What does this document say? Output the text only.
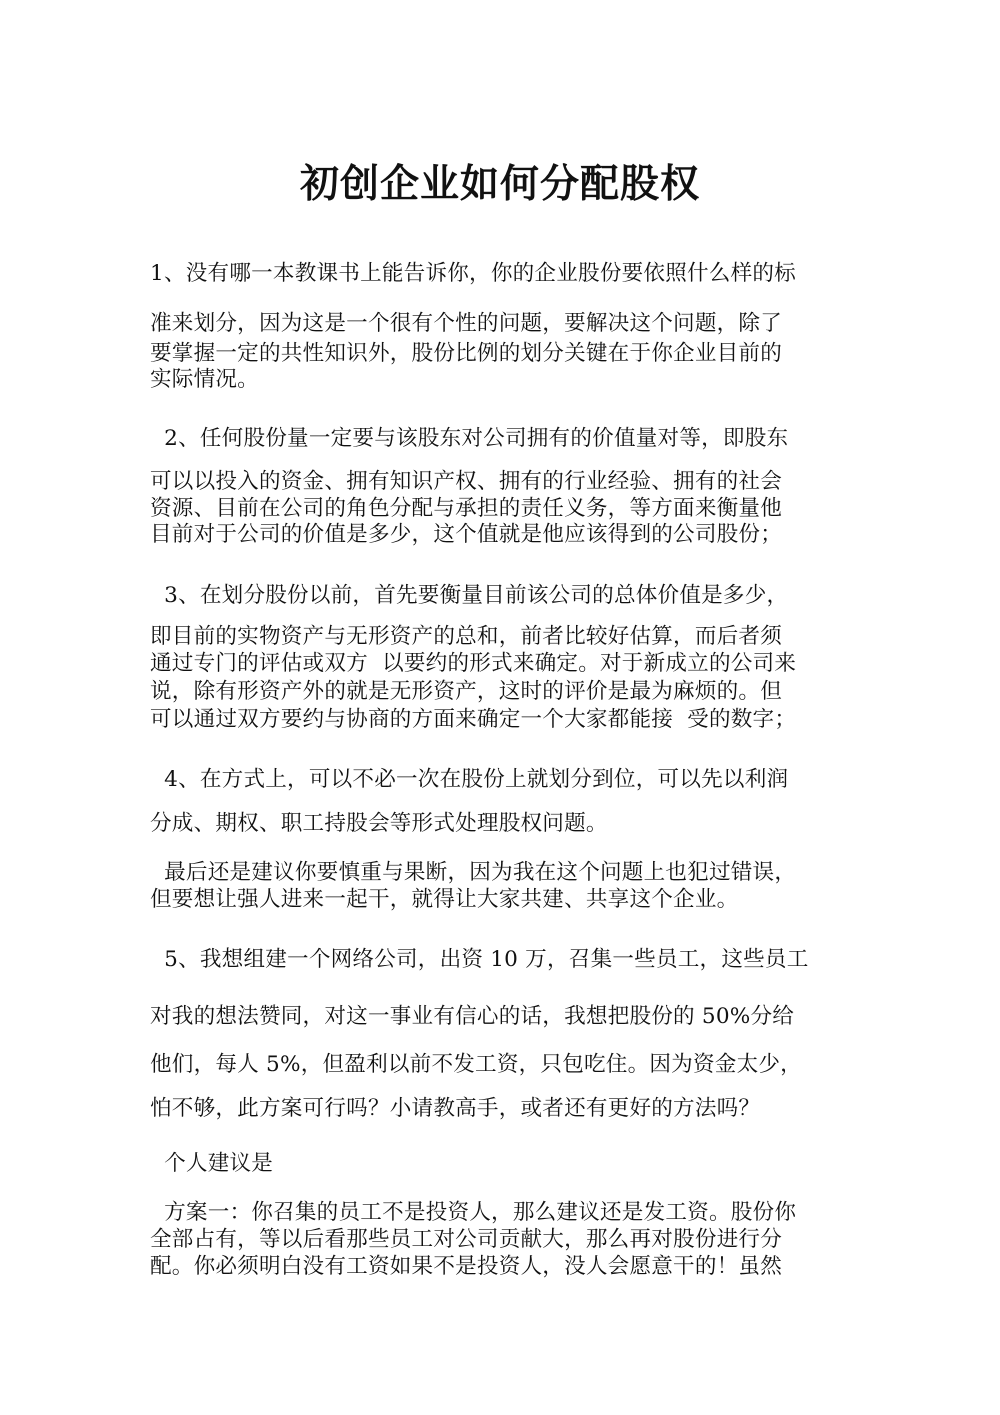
初创企业如何分配股权
1、没有哪一本教课书上能告诉你，你的企业股份要依照什么样的标
准来划分，因为这是一个很有个性的问题，要解决这个问题，除了
要掌握一定的共性知识外，股份比例的划分关键在于你企业目前的
实际情况。
2、任何股份量一定要与该股东对公司拥有的价值量对等，即股东
可以以投入的资金、拥有知识产权、拥有的行业经验、拥有的社会
资源、目前在公司的角色分配与承担的责任义务，等方面来衡量他
目前对于公司的价值是多少，这个值就是他应该得到的公司股份；
3、在划分股份以前，首先要衡量目前该公司的总体价值是多少，
即目前的实物资产与无形资产的总和，前者比较好估算，而后者须
通过专门的评估或双方  以要约的形式来确定。对于新成立的公司来
说，除有形资产外的就是无形资产，这时的评价是最为麻烦的。但
可以通过双方要约与协商的方面来确定一个大家都能接  受的数字；
4、在方式上，可以不必一次在股份上就划分到位，可以先以利润
分成、期权、职工持股会等形式处理股权问题。
最后还是建议你要慎重与果断，因为我在这个问题上也犯过错误，
但要想让强人进来一起干，就得让大家共建、共享这个企业。
5、我想组建一个网络公司，出资 10 万，召集一些员工，这些员工
对我的想法赞同，对这一事业有信心的话，我想把股份的 50%分给
他们，每人 5%，但盈利以前不发工资，只包吃住。因为资金太少，
怕不够，此方案可行吗？小请教高手，或者还有更好的方法吗？
个人建议是
方案一：你召集的员工不是投资人，那么建议还是发工资。股份你
全部占有，等以后看那些员工对公司贡献大，那么再对股份进行分
配。你必须明白没有工资如果不是投资人，没人会愿意干的！虽然
